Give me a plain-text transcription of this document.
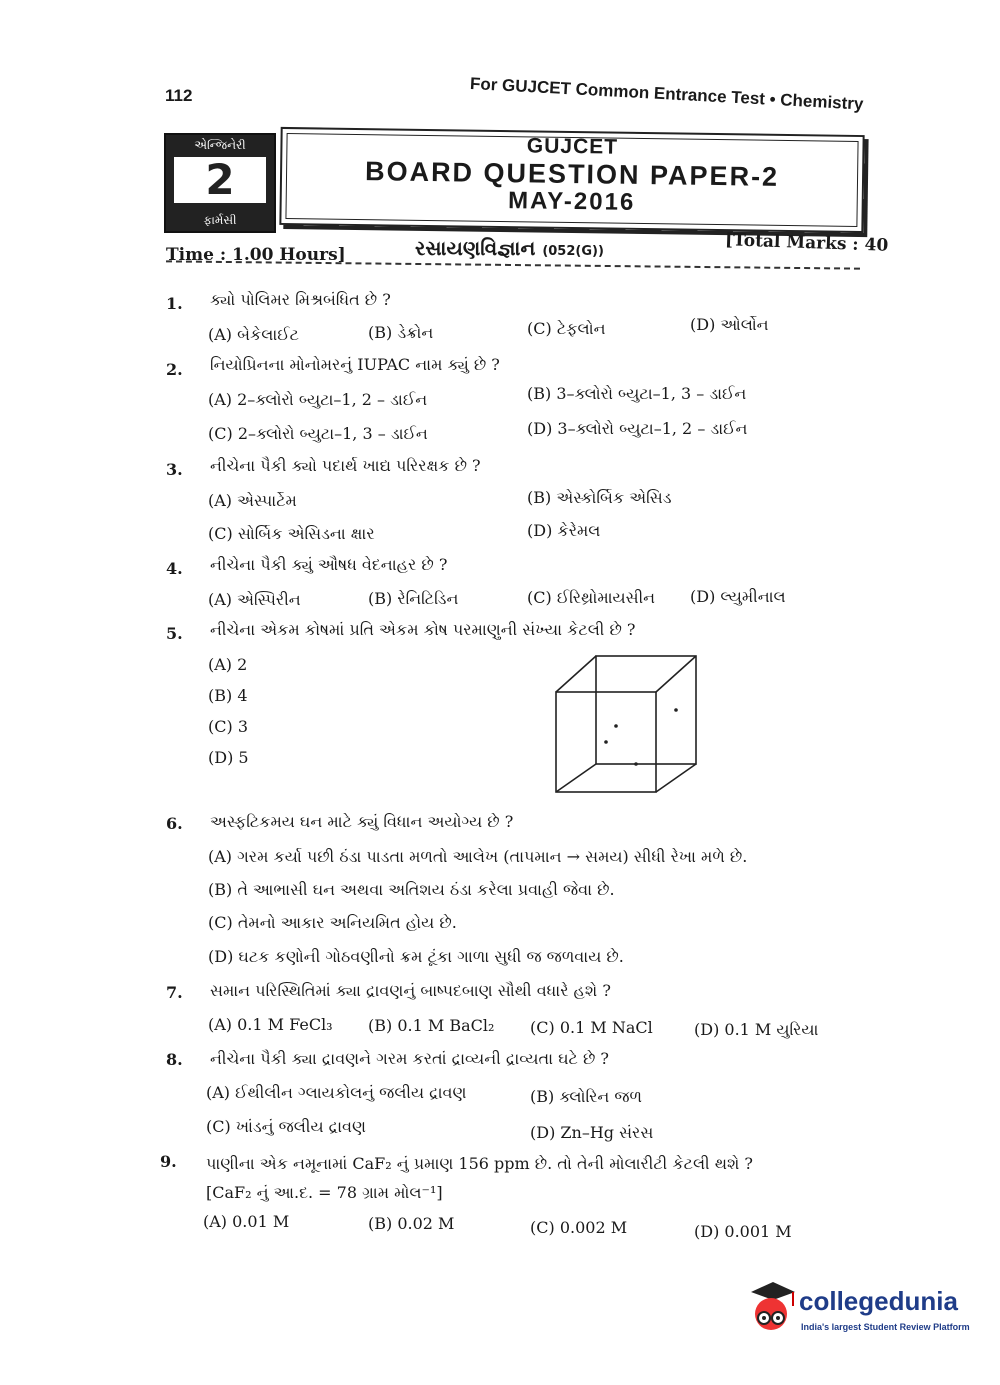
112	For GUJCET Common Entrance Test • Chemistry
એન્જિનેરી
2
ફાર્મસી
GUJCET
BOARD QUESTION PAPER-2
MAY-2016
Time : 1.00 Hours]	રસાયણવિજ્ઞાન (052(G))	[Total Marks : 40
1. ક્યો પોલિમર મિશ્રબંધિત છે ?
(A) બેકેલાઈટ	(B) ડેક્રોન	(C) ટેફલોન	(D) ઓર્લોન
2. નિયોપ્રિનના મોનોમરનું IUPAC નામ ક્યું છે ?
(A) 2–ક્લોરો બ્યુટા–1, 2 – ડાઈન	(B) 3–ક્લોરો બ્યુટા–1, 3 – ડાઈન
(C) 2–ક્લોરો બ્યુટા–1, 3 – ડાઈન	(D) 3–ક્લોરો બ્યુટા–1, 2 – ડાઈન
3. નીચેના પૈકી ક્યો પદાર્થ ખાદ્ય પરિરક્ષક છે ?
(A) એસ્પાર્ટેમ	(B) એસ્કોર્બિક એસિડ
(C) સોર્બિક એસિડના ક્ષાર	(D) કેરેમલ
4. નીચેના પૈકી ક્યું ઔષધ વેદનાહર છે ?
(A) એસ્પિરીન	(B) રેનિટિડિન	(C) ઈરિથ્રોમાયસીન (D) લ્યુમીનાલ
5. નીચેના એકમ કોષમાં પ્રતિ એકમ કોષ પરમાણુની સંખ્યા કેટલી છે ?
(A) 2
(B) 4
(C) 3
(D) 5
6. અસ્ફટિકમય ઘન માટે ક્યું વિધાન અયોગ્ય છે ?
(A) ગરમ કર્યા પછી ઠંડા પાડતા મળતો આલેખ (તાપમાન → સમય) સીધી રેખા મળે છે.
(B) તે આભાસી ઘન અથવા અતિશય ઠંડા કરેલા પ્રવાહી જેવા છે.
(C) તેમનો આકાર અનિયમિત હોય છે.
(D) ઘટક કણોની ગોઠવણીનો ક્રમ ટૂંકા ગાળા સુધી જ જળવાય છે.
7. સમાન પરિસ્થિતિમાં ક્યા દ્રાવણનું બાષ્પદબાણ સૌથી વધારે હશે ?
(A) 0.1 M FeCl₃ (B) 0.1 M BaCl₂ (C) 0.1 M NaCl	(D) 0.1 M યુરિયા
8. નીચેના પૈકી ક્યા દ્રાવણને ગરમ કરતાં દ્રાવ્યની દ્રાવ્યતા ઘટે છે ?
(A) ઈથીલીન ગ્લાયકોલનું જલીય દ્રાવણ	(B) ક્લોરિન જળ
(C) ખાંડનું જલીય દ્રાવણ	(D) Zn–Hg સંરસ
9. પાણીના એક નમૂનામાં CaF₂ નું પ્રમાણ 156 ppm છે. તો તેની મોલારીટી કેટલી થશે ?
[CaF₂ નું આ.દ. = 78 ગ્રામ મોલ⁻¹]
(A) 0.01 M	(B) 0.02 M	(C) 0.002 M	(D) 0.001 M
collegedunia
India's largest Student Review Platform
